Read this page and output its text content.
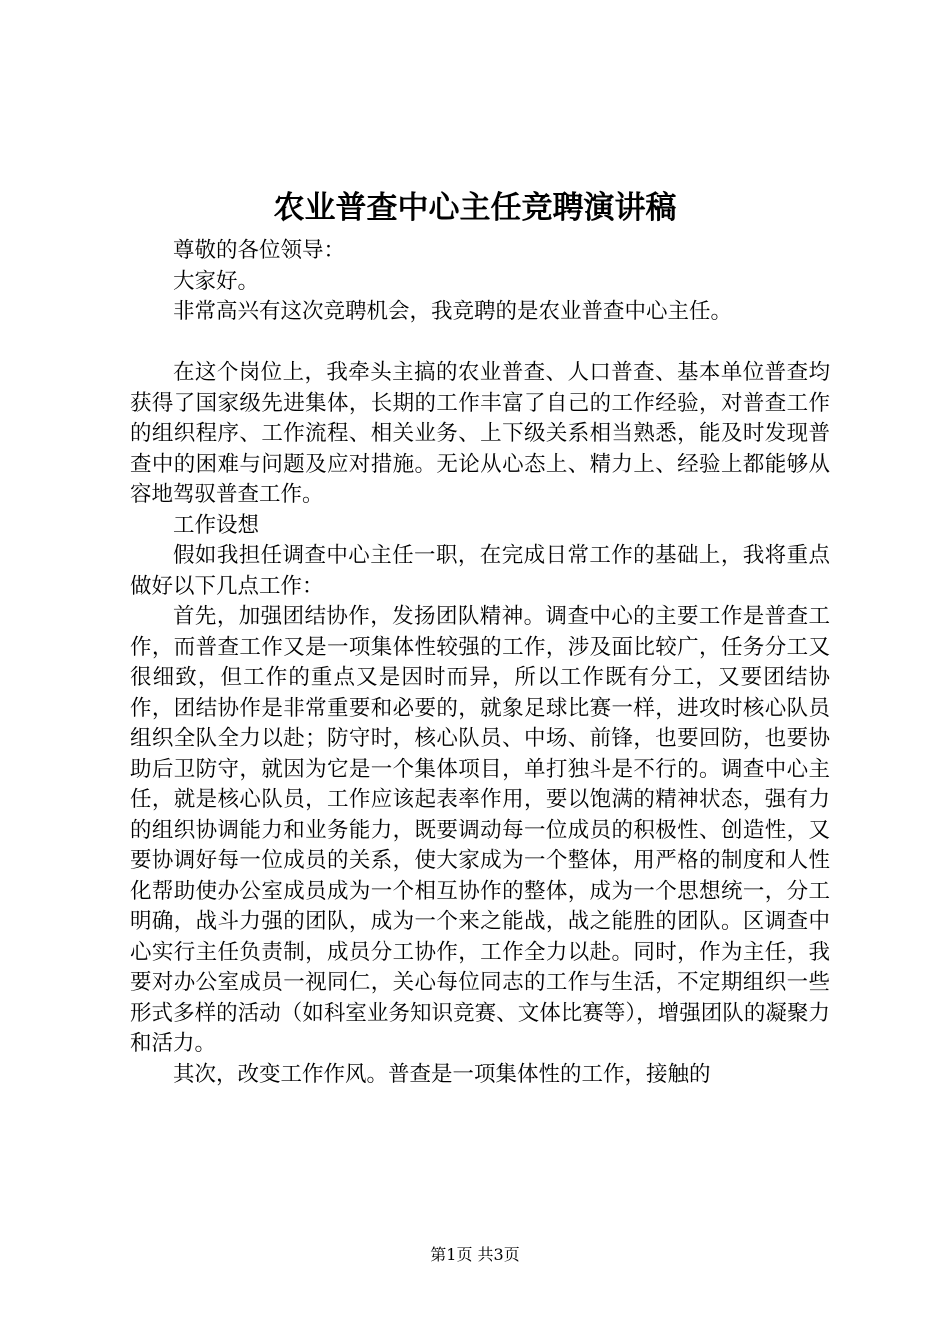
农业普查中心主任竞聘演讲稿

尊敬的各位领导：

大家好。

非常高兴有这次竞聘机会，我竞聘的是农业普查中心主任。

在这个岗位上，我牵头主搞的农业普查、人口普查、基本单位普查均获得了国家级先进集体，长期的工作丰富了自己的工作经验，对普查工作的组织程序、工作流程、相关业务、上下级关系相当熟悉，能及时发现普查中的困难与问题及应对措施。无论从心态上、精力上、经验上都能够从容地驾驭普查工作。

工作设想

假如我担任调查中心主任一职，在完成日常工作的基础上，我将重点做好以下几点工作：

首先，加强团结协作，发扬团队精神。调查中心的主要工作是普查工作，而普查工作又是一项集体性较强的工作，涉及面比较广，任务分工又很细致，但工作的重点又是因时而异，所以工作既有分工，又要团结协作，团结协作是非常重要和必要的，就象足球比赛一样，进攻时核心队员组织全队全力以赴；防守时，核心队员、中场、前锋，也要回防，也要协助后卫防守，就因为它是一个集体项目，单打独斗是不行的。调查中心主任，就是核心队员，工作应该起表率作用，要以饱满的精神状态，强有力的组织协调能力和业务能力，既要调动每一位成员的积极性、创造性，又要协调好每一位成员的关系，使大家成为一个整体，用严格的制度和人性化帮助使办公室成员成为一个相互协作的整体，成为一个思想统一，分工明确，战斗力强的团队，成为一个来之能战，战之能胜的团队。区调查中心实行主任负责制，成员分工协作，工作全力以赴。同时，作为主任，我要对办公室成员一视同仁，关心每位同志的工作与生活，不定期组织一些形式多样的活动（如科室业务知识竞赛、文体比赛等），增强团队的凝聚力和活力。

其次，改变工作作风。普查是一项集体性的工作，接触的

第1页 共3页
